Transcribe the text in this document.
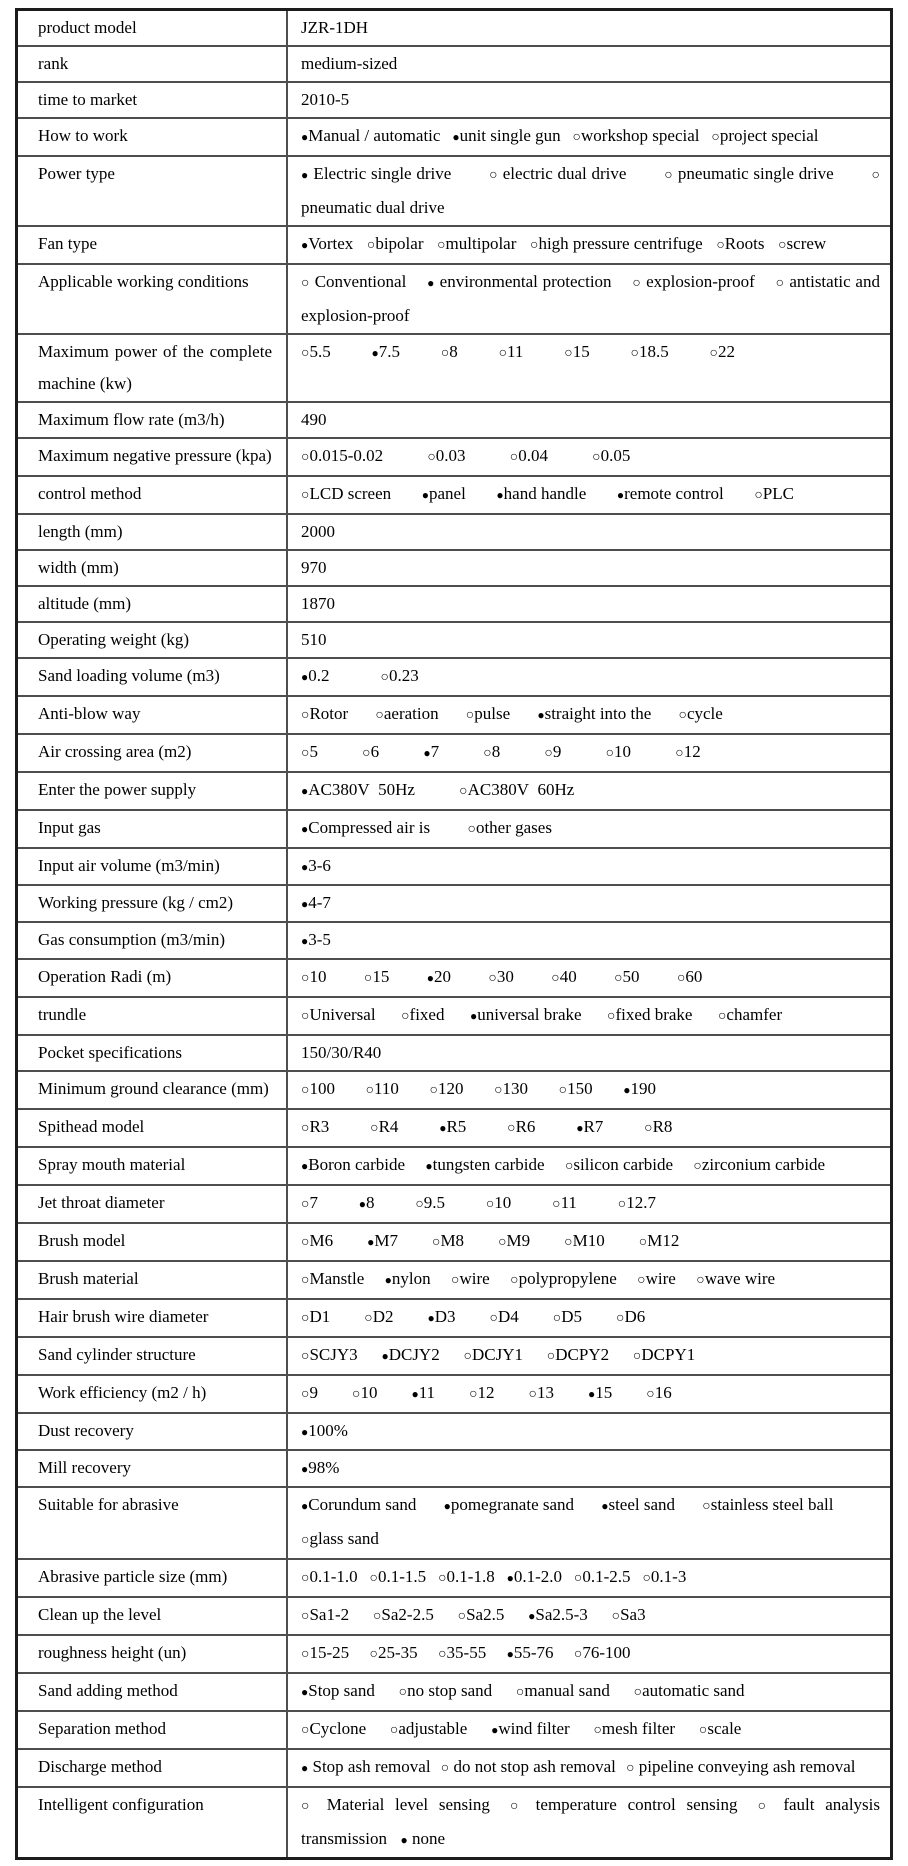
product model	JZR-1DH
rank	medium-sized
time to market	2010-5
How to work	●Manual / automatic ●unit single gun ○workshop special ○project special
Power type	● Electric single drive ○ electric dual drive ○ pneumatic single drive ○ pneumatic dual drive
Fan type	●Vortex ○bipolar ○multipolar ○high pressure centrifuge ○Roots ○screw
Applicable working conditions	○ Conventional ● environmental protection ○ explosion-proof ○ antistatic and explosion-proof
Maximum power of the complete machine (kw)	○5.5 ●7.5 ○8 ○11 ○15 ○18.5 ○22
Maximum flow rate (m3/h)	490
Maximum negative pressure (kpa)	○0.015-0.02 ○0.03 ○0.04 ○0.05
control method	○LCD screen ●panel ●hand handle ●remote control ○PLC
length (mm)	2000
width (mm)	970
altitude (mm)	1870
Operating weight (kg)	510
Sand loading volume (m3)	●0.2 ○0.23
Anti-blow way	○Rotor ○aeration ○pulse ●straight into the ○cycle
Air crossing area (m2)	○5 ○6 ●7 ○8 ○9 ○10 ○12
Enter the power supply	●AC380V  50Hz ○AC380V  60Hz
Input gas	●Compressed air is ○other gases
Input air volume (m3/min)	●3-6
Working pressure (kg / cm2)	●4-7
Gas consumption (m3/min)	●3-5
Operation Radi (m)	○10 ○15 ●20 ○30 ○40 ○50 ○60
trundle	○Universal ○fixed ●universal brake ○fixed brake ○chamfer
Pocket specifications	150/30/R40
Minimum ground clearance (mm)	○100 ○110 ○120 ○130 ○150 ●190
Spithead model	○R3 ○R4 ●R5 ○R6 ●R7 ○R8
Spray mouth material	●Boron carbide ●tungsten carbide ○silicon carbide ○zirconium carbide
Jet throat diameter	○7 ●8 ○9.5 ○10 ○11 ○12.7
Brush model	○M6 ●M7 ○M8 ○M9 ○M10 ○M12
Brush material	○Manstle ●nylon ○wire ○polypropylene ○wire ○wave wire
Hair brush wire diameter	○D1 ○D2 ●D3 ○D4 ○D5 ○D6
Sand cylinder structure	○SCJY3 ●DCJY2 ○DCJY1 ○DCPY2 ○DCPY1
Work efficiency (m2 / h)	○9 ○10 ●11 ○12 ○13 ●15 ○16
Dust recovery	●100%
Mill recovery	●98%
Suitable for abrasive	●Corundum sand ●pomegranate sand ●steel sand ○stainless steel ball○glass sand
Abrasive particle size (mm)	○0.1-1.0 ○0.1-1.5 ○0.1-1.8 ●0.1-2.0 ○0.1-2.5 ○0.1-3
Clean up the level	○Sa1-2 ○Sa2-2.5 ○Sa2.5 ●Sa2.5-3 ○Sa3
roughness height (un)	○15-25 ○25-35 ○35-55 ●55-76 ○76-100
Sand adding method	●Stop sand ○no stop sand ○manual sand ○automatic sand
Separation method	○Cyclone ○adjustable ●wind filter ○mesh filter ○scale
Discharge method	● Stop ash removal ○ do not stop ash removal ○ pipeline conveying ash removal
Intelligent configuration	○ Material level sensing ○ temperature control sensing ○ fault analysis transmission ● none
